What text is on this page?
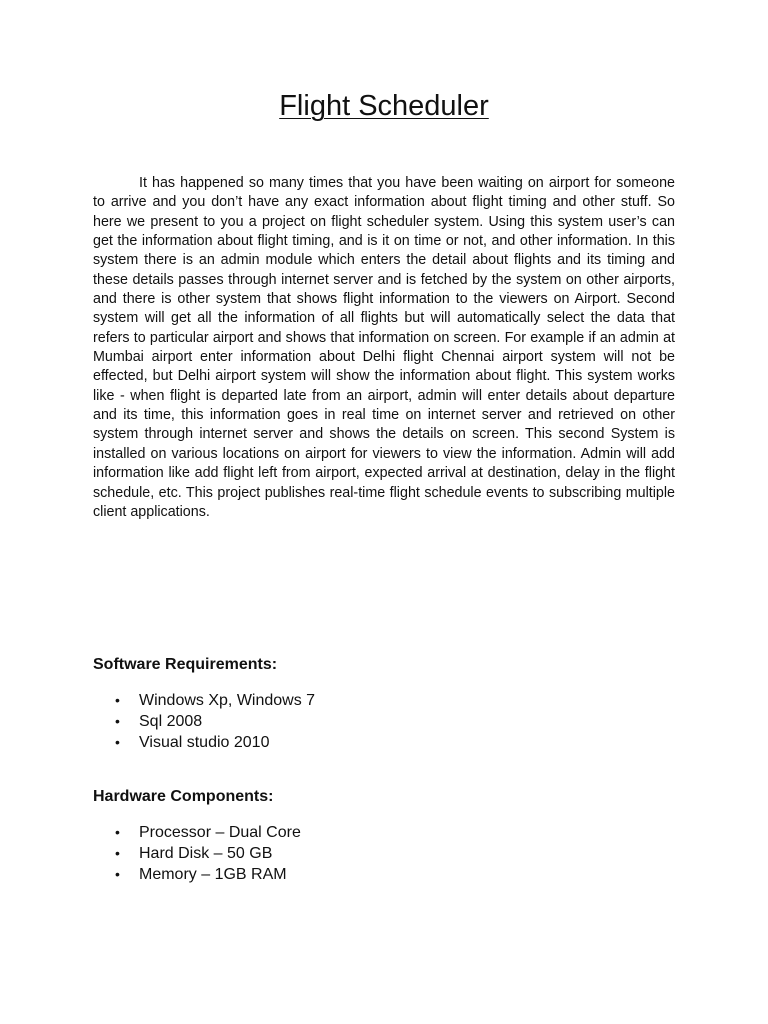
Flight Scheduler

It has happened so many times that you have been waiting on airport for someone to arrive and you don’t have any exact information about flight timing and other stuff. So here we present to you a project on flight scheduler system. Using this system user’s can get the information about flight timing, and is it on time or not, and other information. In this system there is an admin module which enters the detail about flights and its timing and these details passes through internet server and is fetched by the system on other airports, and there is other system that shows flight information to the viewers on Airport. Second system will get all the information of all flights but will automatically select the data that refers to particular airport and shows that information on screen. For example if an admin at Mumbai airport enter information about Delhi flight Chennai airport system will not be effected, but Delhi airport system will show the information about flight. This system works like - when flight is departed late from an airport, admin will enter details about departure and its time, this information goes in real time on internet server and retrieved on other system through internet server and shows the details on screen. This second System is installed on various locations on airport for viewers to view the information. Admin will add information like add flight left from airport, expected arrival at destination, delay in the flight schedule, etc. This project publishes real-time flight schedule events to subscribing multiple client applications.

Software Requirements:
• Windows Xp, Windows 7
• Sql 2008
• Visual studio 2010
Hardware Components:
• Processor – Dual Core
• Hard Disk – 50 GB
• Memory – 1GB RAM
